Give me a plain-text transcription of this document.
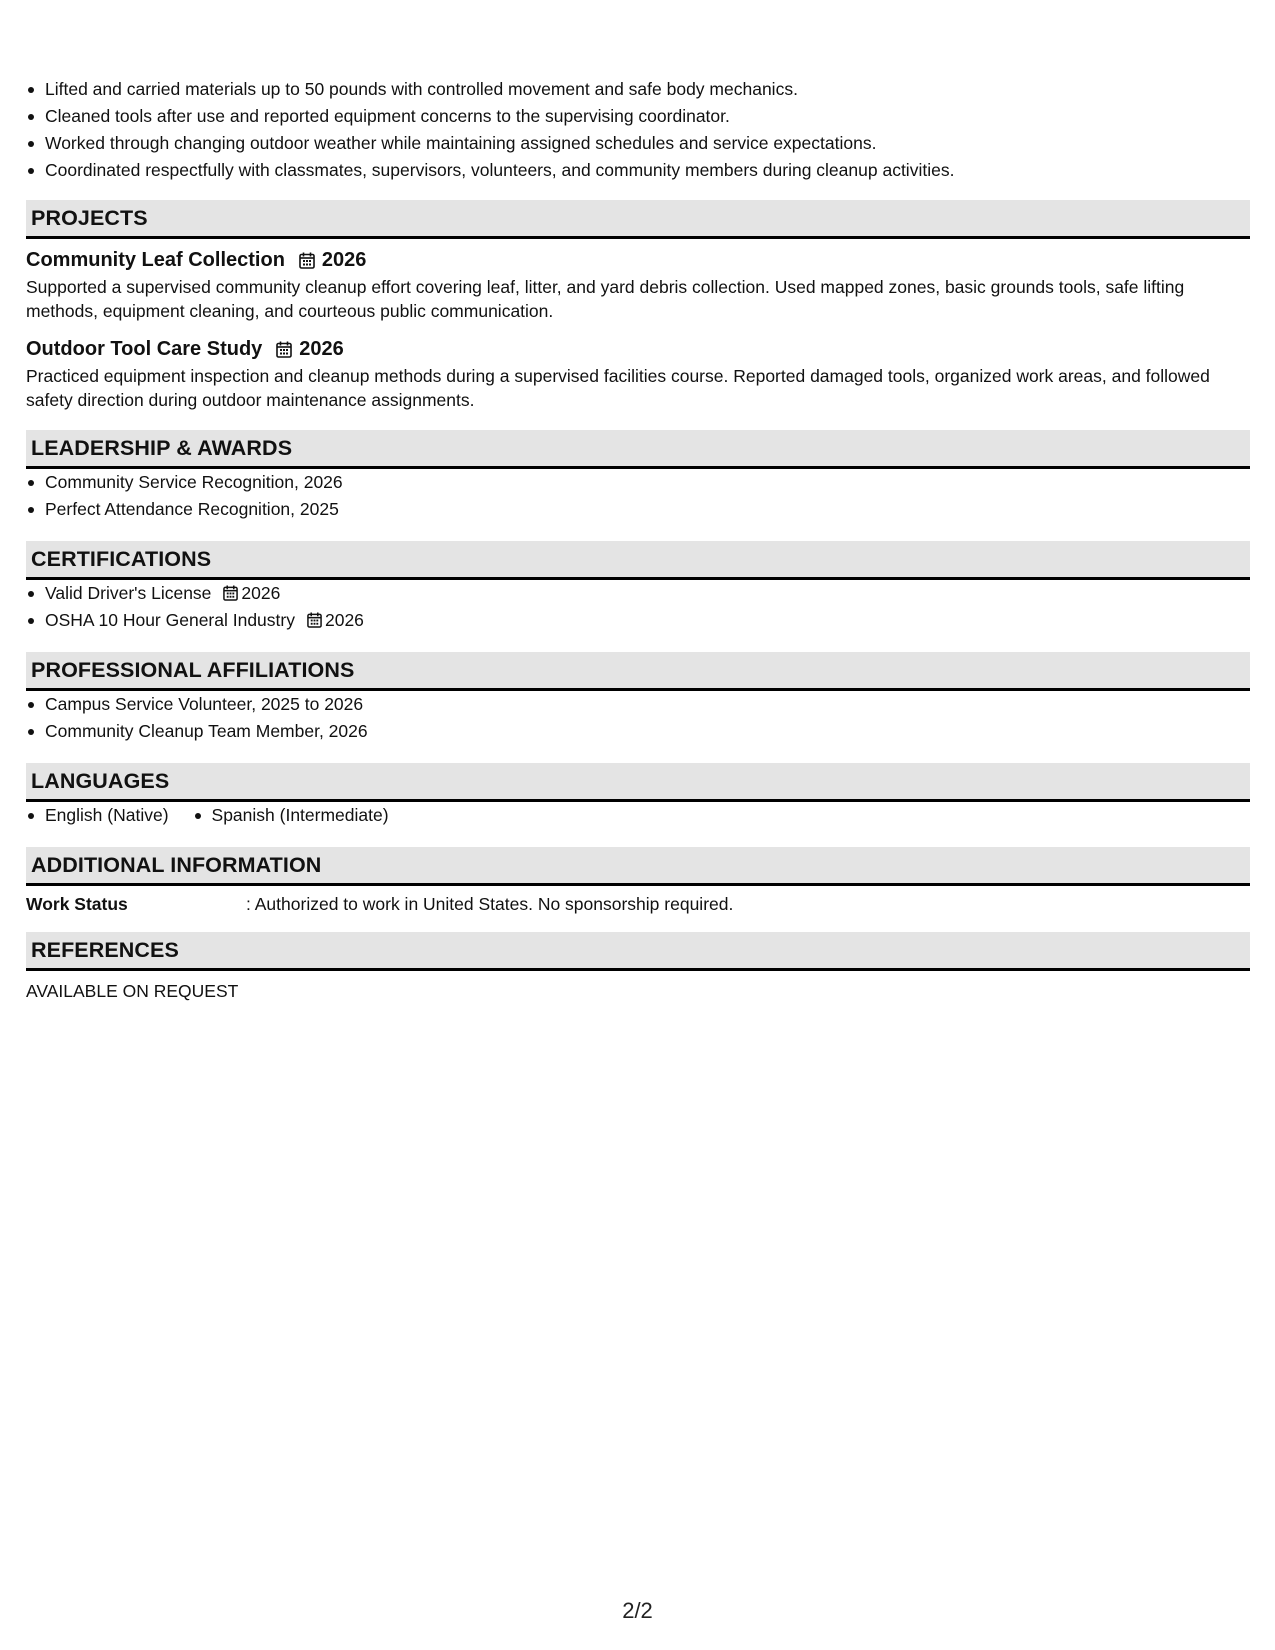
Lifted and carried materials up to 50 pounds with controlled movement and safe body mechanics.
Cleaned tools after use and reported equipment concerns to the supervising coordinator.
Worked through changing outdoor weather while maintaining assigned schedules and service expectations.
Coordinated respectfully with classmates, supervisors, volunteers, and community members during cleanup activities.
PROJECTS
Community Leaf Collection 2026
Supported a supervised community cleanup effort covering leaf, litter, and yard debris collection. Used mapped zones, basic grounds tools, safe lifting methods, equipment cleaning, and courteous public communication.
Outdoor Tool Care Study 2026
Practiced equipment inspection and cleanup methods during a supervised facilities course. Reported damaged tools, organized work areas, and followed safety direction during outdoor maintenance assignments.
LEADERSHIP & AWARDS
Community Service Recognition, 2026
Perfect Attendance Recognition, 2025
CERTIFICATIONS
Valid Driver's License 2026
OSHA 10 Hour General Industry 2026
PROFESSIONAL AFFILIATIONS
Campus Service Volunteer, 2025 to 2026
Community Cleanup Team Member, 2026
LANGUAGES
English (Native) Spanish (Intermediate)
ADDITIONAL INFORMATION
Work Status	: Authorized to work in United States. No sponsorship required.
REFERENCES
AVAILABLE ON REQUEST
2/2
